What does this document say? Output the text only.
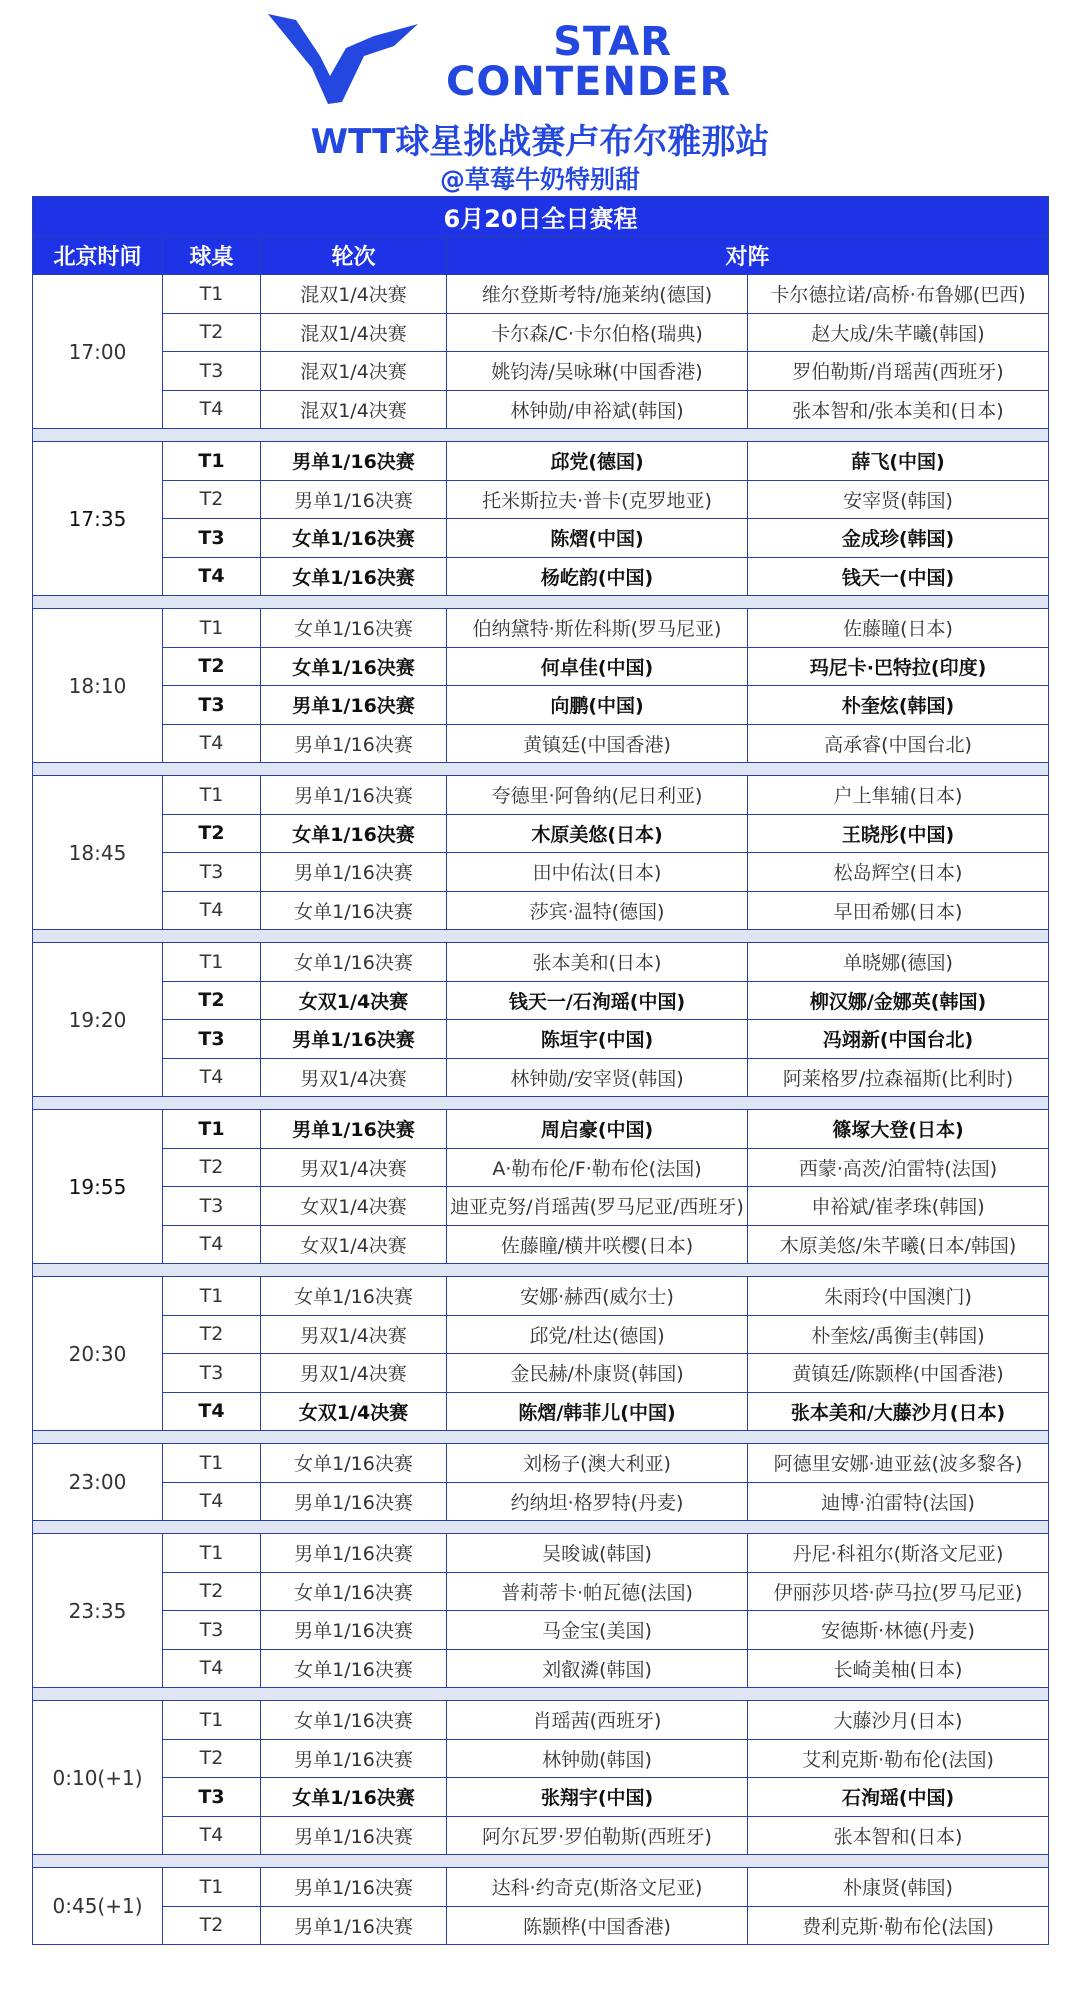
STAR
CONTENDER
WTT球星挑战赛卢布尔雅那站
@草莓牛奶特别甜
6月20日全日赛程				
北京时间	球桌	轮次	对阵	
17:00	T1	混双1/4决赛	维尔登斯考特/施莱纳(德国)	卡尔德拉诺/高桥·布鲁娜(巴西)
	T2	混双1/4决赛	卡尔森/C·卡尔伯格(瑞典)	赵大成/朱芊曦(韩国)
	T3	混双1/4决赛	姚钧涛/吴咏琳(中国香港)	罗伯勒斯/肖瑶茜(西班牙)
	T4	混双1/4决赛	林钟勋/申裕斌(韩国)	张本智和/张本美和(日本)

17:35	T1	男单1/16决赛	邱党(德国)	薛飞(中国)
	T2	男单1/16决赛	托米斯拉夫·普卡(克罗地亚)	安宰贤(韩国)
	T3	女单1/16决赛	陈熠(中国)	金成珍(韩国)
	T4	女单1/16决赛	杨屹韵(中国)	钱天一(中国)

18:10	T1	女单1/16决赛	伯纳黛特·斯佐科斯(罗马尼亚)	佐藤瞳(日本)
	T2	女单1/16决赛	何卓佳(中国)	玛尼卡·巴特拉(印度)
	T3	男单1/16决赛	向鹏(中国)	朴奎炫(韩国)
	T4	男单1/16决赛	黄镇廷(中国香港)	高承睿(中国台北)

18:45	T1	男单1/16决赛	夸德里·阿鲁纳(尼日利亚)	户上隼辅(日本)
	T2	女单1/16决赛	木原美悠(日本)	王晓彤(中国)
	T3	男单1/16决赛	田中佑汰(日本)	松岛辉空(日本)
	T4	女单1/16决赛	莎宾·温特(德国)	早田希娜(日本)

19:20	T1	女单1/16决赛	张本美和(日本)	单晓娜(德国)
	T2	女双1/4决赛	钱天一/石洵瑶(中国)	柳汉娜/金娜英(韩国)
	T3	男单1/16决赛	陈垣宇(中国)	冯翊新(中国台北)
	T4	男双1/4决赛	林钟勋/安宰贤(韩国)	阿莱格罗/拉森福斯(比利时)

19:55	T1	男单1/16决赛	周启豪(中国)	篠塚大登(日本)
	T2	男双1/4决赛	A·勒布伦/F·勒布伦(法国)	西蒙·高茨/泊雷特(法国)
	T3	女双1/4决赛	迪亚克努/肖瑶茜(罗马尼亚/西班牙)	申裕斌/崔孝珠(韩国)
	T4	女双1/4决赛	佐藤瞳/横井咲樱(日本)	木原美悠/朱芊曦(日本/韩国)

20:30	T1	女单1/16决赛	安娜·赫西(威尔士)	朱雨玲(中国澳门)
	T2	男双1/4决赛	邱党/杜达(德国)	朴奎炫/禹衡圭(韩国)
	T3	男双1/4决赛	金民赫/朴康贤(韩国)	黄镇廷/陈颢桦(中国香港)
	T4	女双1/4决赛	陈熠/韩菲儿(中国)	张本美和/大藤沙月(日本)

23:00	T1	女单1/16决赛	刘杨子(澳大利亚)	阿德里安娜·迪亚兹(波多黎各)
	T4	男单1/16决赛	约纳坦·格罗特(丹麦)	迪博·泊雷特(法国)

23:35	T1	男单1/16决赛	吴晙诚(韩国)	丹尼·科祖尔(斯洛文尼亚)
	T2	女单1/16决赛	普莉蒂卡·帕瓦德(法国)	伊丽莎贝塔·萨马拉(罗马尼亚)
	T3	男单1/16决赛	马金宝(美国)	安德斯·林德(丹麦)
	T4	女单1/16决赛	刘叡潾(韩国)	长崎美柚(日本)

0:10(+1)	T1	女单1/16决赛	肖瑶茜(西班牙)	大藤沙月(日本)
	T2	男单1/16决赛	林钟勋(韩国)	艾利克斯·勒布伦(法国)
	T3	女单1/16决赛	张翔宇(中国)	石洵瑶(中国)
	T4	男单1/16决赛	阿尔瓦罗·罗伯勒斯(西班牙)	张本智和(日本)

0:45(+1)	T1	男单1/16决赛	达科·约奇克(斯洛文尼亚)	朴康贤(韩国)
	T2	男单1/16决赛	陈颢桦(中国香港)	费利克斯·勒布伦(法国)
